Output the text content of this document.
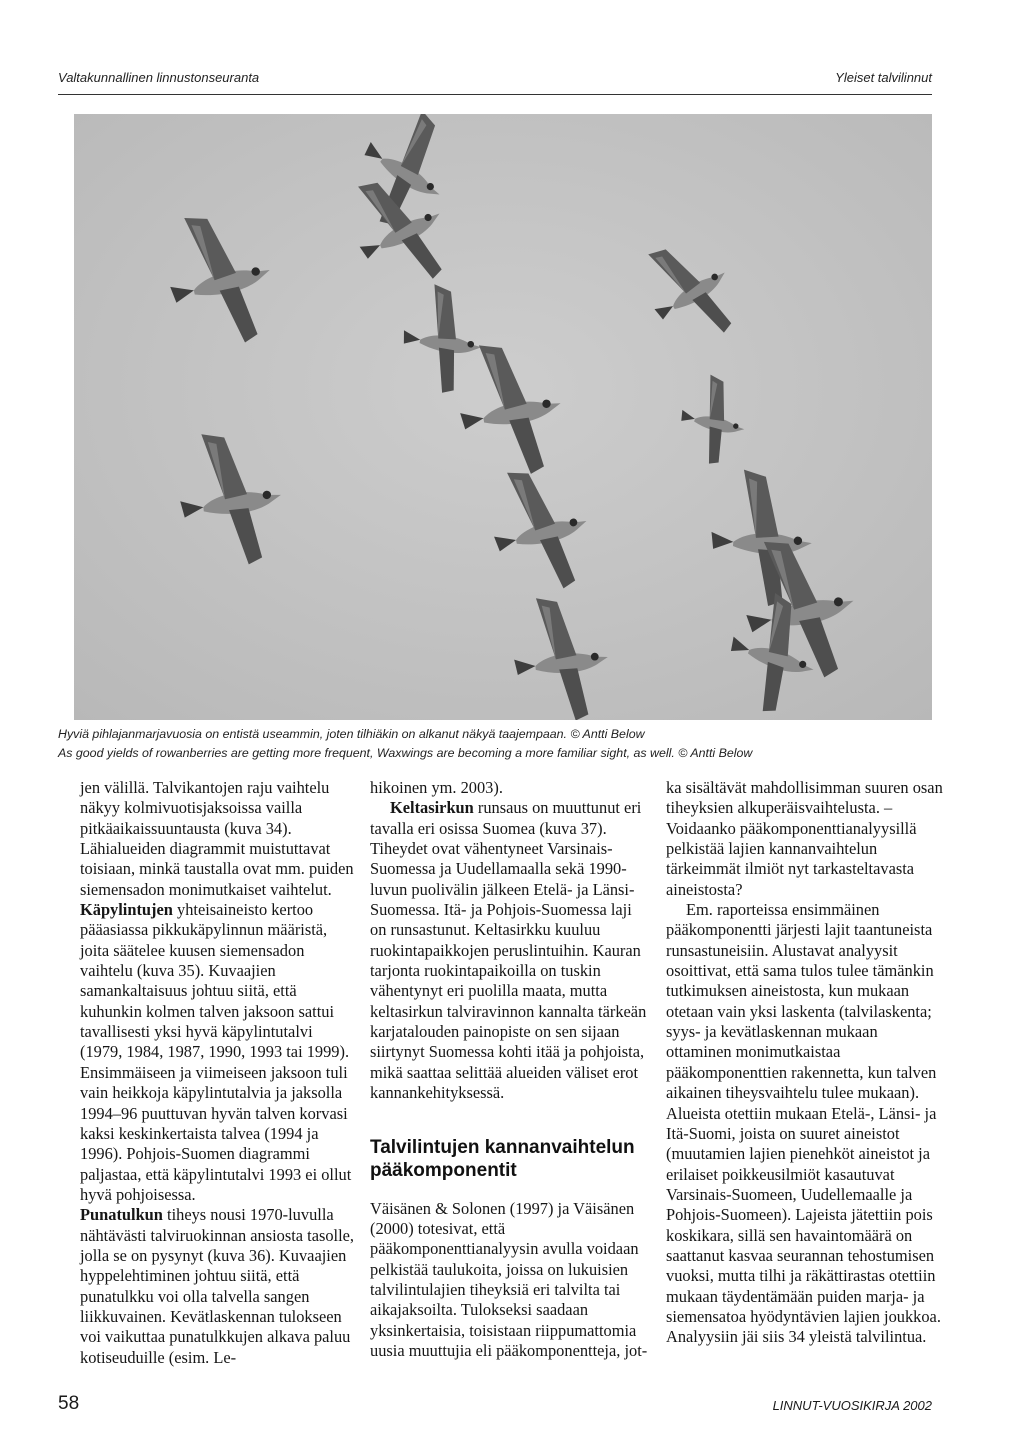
Valtakunnallinen linnustonseuranta	Yleiset talvilinnut

Hyviä pihlajanmarjavuosia on entistä useammin, joten tilhiäkin on alkanut näkyä taajempaan. © Antti Below

As good yields of rowanberries are getting more frequent, Waxwings are becoming a more familiar sight, as well. © Antti Below

jen välillä. Talvikantojen raju vaihtelu näkyy kolmivuotisjaksoissa vailla pitkäaikaissuuntausta (kuva 34). Lähialueiden diagrammit muistuttavat toisiaan, minkä taustalla ovat mm. puiden siemensadon monimutkaiset vaihtelut.

Käpylintujen yhteisaineisto kertoo pääasiassa pikkukäpylinnun määristä, joita säätelee kuusen siemensadon vaihtelu (kuva 35). Kuvaajien samankaltaisuus johtuu siitä, että kuhunkin kolmen talven jaksoon sattui tavallisesti yksi hyvä käpylintutalvi (1979, 1984, 1987, 1990, 1993 tai 1999). Ensimmäiseen ja viimeiseen jaksoon tuli vain heikkoja käpylintutalvia ja jaksolla 1994–96 puuttuvan hyvän talven korvasi kaksi keskinkertaista talvea (1994 ja 1996). Pohjois-Suomen diagrammi paljastaa, että käpylintutalvi 1993 ei ollut hyvä pohjoisessa.

Punatulkun tiheys nousi 1970-luvulla nähtävästi talviruokinnan ansiosta tasolle, jolla se on pysynyt (kuva 36). Kuvaajien hyppelehtiminen johtuu siitä, että punatulkku voi olla talvella sangen liikkuvainen. Kevätlaskennan tulokseen voi vaikuttaa punatulkkujen alkava paluu kotiseuduille (esim. Le-

hikoinen ym. 2003).

Keltasirkun runsaus on muuttunut eri tavalla eri osissa Suomea (kuva 37). Tiheydet ovat vähentyneet Varsinais-Suomessa ja Uudellamaalla sekä 1990-luvun puolivälin jälkeen Etelä- ja Länsi-Suomessa. Itä- ja Pohjois-Suomessa laji on runsastunut. Keltasirkku kuuluu ruokintapaikkojen peruslintuihin. Kauran tarjonta ruokintapaikoilla on tuskin vähentynyt eri puolilla maata, mutta keltasirkun talviravinnon kannalta tärkeän karjatalouden painopiste on sen sijaan siirtynyt Suomessa kohti itää ja pohjoista, mikä saattaa selittää alueiden väliset erot kannankehityksessä.

Talvilintujen kannanvaihtelun pääkomponentit

Väisänen & Solonen (1997) ja Väisänen (2000) totesivat, että pääkomponenttianalyysin avulla voidaan pelkistää taulukoita, joissa on lukuisien talvilintulajien tiheyksiä eri talvilta tai aikajaksoilta. Tulokseksi saadaan yksinkertaisia, toisistaan riippumattomia uusia muuttujia eli pääkomponentteja, jot-

ka sisältävät mahdollisimman suuren osan tiheyksien alkuperäisvaihtelusta. – Voidaanko pääkomponenttianalyysillä pelkistää lajien kannanvaihtelun tärkeimmät ilmiöt nyt tarkasteltavasta aineistosta?

Em. raporteissa ensimmäinen pääkomponentti järjesti lajit taantuneista runsastuneisiin. Alustavat analyysit osoittivat, että sama tulos tulee tämänkin tutkimuksen aineistosta, kun mukaan otetaan vain yksi laskenta (talvilaskenta; syys- ja kevätlaskennan mukaan ottaminen monimutkaistaa pääkomponenttien rakennetta, kun talven aikainen tiheysvaihtelu tulee mukaan). Alueista otettiin mukaan Etelä-, Länsi- ja Itä-Suomi, joista on suuret aineistot (muutamien lajien pienehköt aineistot ja erilaiset poikkeusilmiöt kasautuvat Varsinais-Suomeen, Uudellemaalle ja Pohjois-Suomeen). Lajeista jätettiin pois koskikara, sillä sen havaintomäärä on saattanut kasvaa seurannan tehostumisen vuoksi, mutta tilhi ja räkättirastas otettiin mukaan täydentämään puiden marja- ja siemensatoa hyödyntävien lajien joukkoa. Analyysiin jäi siis 34 yleistä talvilintua.

58	LINNUT-VUOSIKIRJA 2002
